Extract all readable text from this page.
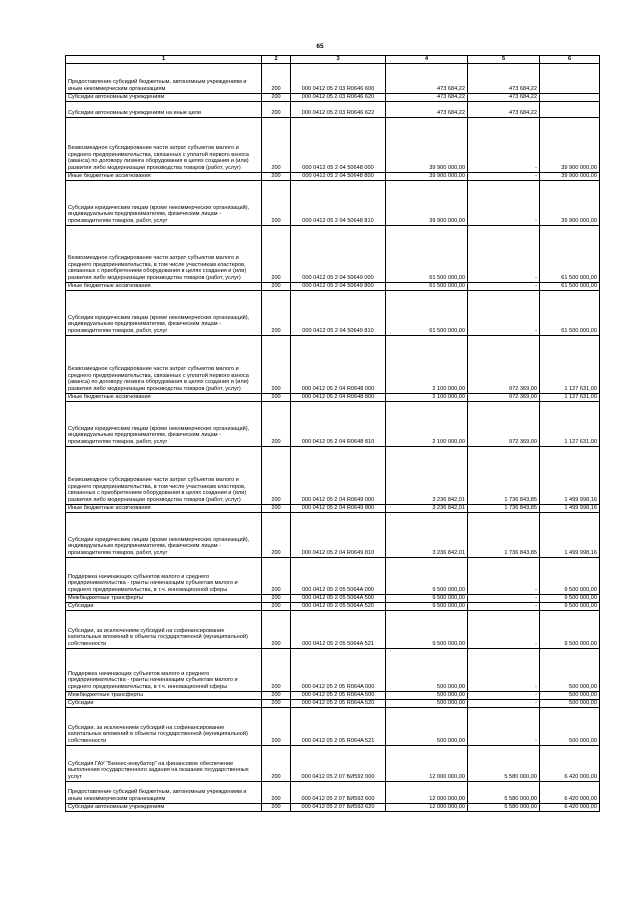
65
1	2	3	4	5	6
Предоставление субсидий бюджетным, автономным учреждениям и иным некоммерческим организациям	200	000 0412 05 2 03 R0646 600	473 684,22	473 684,22	
Субсидии автономным учреждениям	200	000 0412 05 2 03 R0646 620	473 684,22	473 684,22	
Субсидии автономным учреждениям на иные цели	200	000 0412 05 2 03 R0646 622	473 684,22	473 684,22	
Безвозмездное субсидирование части затрат субъектов малого и среднего предпринимательства, связанных с уплатой первого взноса (аванса) по договору лизинга оборудования в целях создания и (или) развития либо модернизации производства товаров (работ, услуг)	200	000 0412 05 2 04 50648 000	39 900 000,00	-	39 900 000,00
Иные бюджетные ассигнования	200	000 0412 05 2 04 50648 800	39 900 000,00	-	39 900 000,00
Субсидии юридическим лицам (кроме некоммерческих организаций), индивидуальным предпринимателям, физическим лицам - производителям товаров, работ, услуг	200	000 0412 05 2 04 50648 810	39 900 000,00	-	39 900 000,00
Безвозмездное субсидирование части затрат субъектов малого и среднего предпринимательства, в том числе участникам кластеров, связанных с приобретением оборудования в целях создания и (или) развития либо модернизации производства товаров (работ, услуг)	200	000 0412 05 2 04 50649 000	61 500 000,00	-	61 500 000,00
Иные бюджетные ассигнования	200	000 0412 05 2 04 50649 800	61 500 000,00	-	61 500 000,00
Субсидии юридическим лицам (кроме некоммерческих организаций), индивидуальным предпринимателям, физическим лицам - производителям товаров, работ, услуг	200	000 0412 05 2 04 50649 810	61 500 000,00	-	61 500 000,00
Безвозмездное субсидирование части затрат субъектов малого и среднего предпринимательства, связанных с уплатой первого взноса (аванса) по договору лизинга оборудования в целях создания и (или) развития либо модернизации производства товаров (работ, услуг)	200	000 0412 05 2 04 R0648 000	2 100 000,00	972 369,00	1 127 631,00
Иные бюджетные ассигнования	200	000 0412 05 2 04 R0648 800	2 100 000,00	972 369,00	1 127 631,00
Субсидии юридическим лицам (кроме некоммерческих организаций), индивидуальным предпринимателям, физическим лицам - производителям товаров, работ, услуг	200	000 0412 05 2 04 R0648 810	2 100 000,00	972 369,00	1 127 631,00
Безвозмездное субсидирование части затрат субъектов малого и среднего предпринимательства, в том числе участникам кластеров, связанных с приобретением оборудования в целях создания и (или) развития либо модернизации производства товаров (работ, услуг)	200	000 0412 05 2 04 R0649 000	3 236 842,01	1 736 843,85	1 499 998,16
Иные бюджетные ассигнования	200	000 0412 05 2 04 R0649 800	3 236 842,01	1 736 843,85	1 499 998,16
Субсидии юридическим лицам (кроме некоммерческих организаций), индивидуальным предпринимателям, физическим лицам - производителям товаров, работ, услуг	200	000 0412 05 2 04 R0649 810	3 236 842,01	1 736 843,85	1 499 998,16
Поддержка начинающих субъектов малого и среднего предпринимательства - гранты начинающим субъектам малого и среднего предпринимательства, в т.ч. инновационной сферы	200	000 0412 05 2 05 5064A 000	9 500 000,00	-	9 500 000,00
Межбюджетные трансферты	200	000 0412 05 2 05 5064A 500	9 500 000,00	-	9 500 000,00
Субсидии	200	000 0412 05 2 05 5064A 520	9 500 000,00	-	9 500 000,00
Субсидии, за исключением субсидий на софинансирование капитальных вложений в объекты государственной (муниципальной) собственности	200	000 0412 05 2 05 5064A 521	9 500 000,00	-	9 500 000,00
Поддержка начинающих субъектов малого и среднего предпринимательства - гранты начинающим субъектам малого и среднего предпринимательства, в т.ч. инновационной сферы	200	000 0412 05 2 05 R064A 000	500 000,00	-	500 000,00
Межбюджетные трансферты	200	000 0412 05 2 05 R064A 500	500 000,00	-	500 000,00
Субсидии	200	000 0412 05 2 05 R064A 520	500 000,00	-	500 000,00
Субсидии, за исключением субсидий на софинансирование капитальных вложений в объекты государственной (муниципальной) собственности	200	000 0412 05 2 05 R064A 521	500 000,00	-	500 000,00
Субсидия ГАУ "Бизнес-инкубатор" на финансовое обеспечение выполнения государственного задания на оказание государственных услуг	200	000 0412 05 2 07 БИ592 000	12 000 000,00	5 580 000,00	6 420 000,00
Предоставление субсидий бюджетным, автономным учреждениям и иным некоммерческим организациям	200	000 0412 05 2 07 БИ592 600	12 000 000,00	5 580 000,00	6 420 000,00
Субсидии автономным учреждениям	200	000 0412 05 2 07 БИ592 620	12 000 000,00	5 580 000,00	6 420 000,00
